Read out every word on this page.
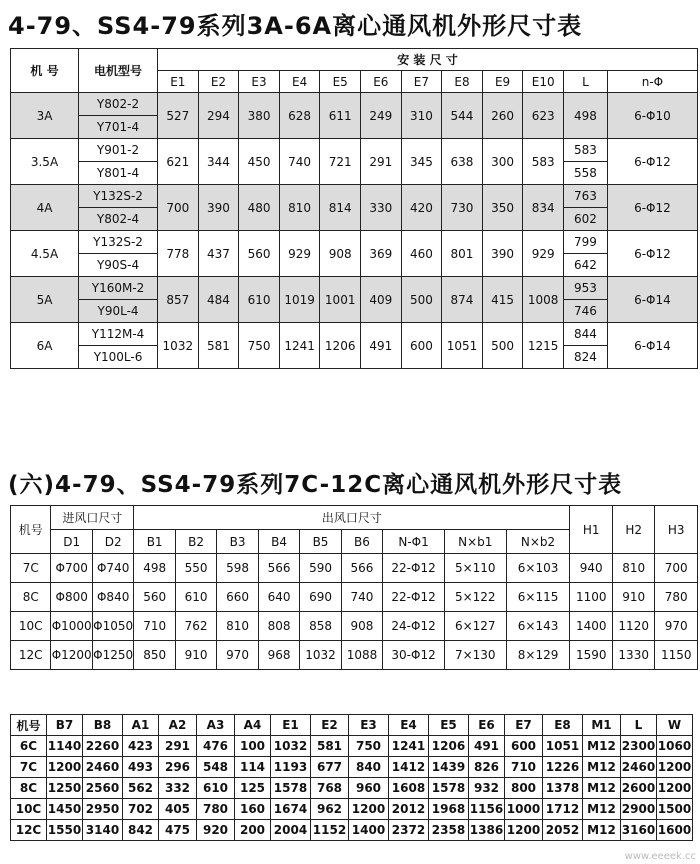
4-79、SS4-79系列3A-6A离心通风机外形尺寸表
机 号	电机型号	安 装 尺 寸											
		E1	E2	E3	E4	E5	E6	E7	E8	E9	E10	L	n-Φ
3A	Y802-2	527	294	380	628	611	249	310	544	260	623	498	6-Φ10
	Y701-4												
3.5A	Y901-2	621	344	450	740	721	291	345	638	300	583	583	6-Φ12
	Y801-4											558	
4A	Y132S-2	700	390	480	810	814	330	420	730	350	834	763	6-Φ12
	Y802-4											602	
4.5A	Y132S-2	778	437	560	929	908	369	460	801	390	929	799	6-Φ12
	Y90S-4											642	
5A	Y160M-2	857	484	610	1019	1001	409	500	874	415	1008	953	6-Φ14
	Y90L-4											746	
6A	Y112M-4	1032	581	750	1241	1206	491	600	1051	500	1215	844	6-Φ14
	Y100L-6											824	
(六)4-79、SS4-79系列7C-12C离心通风机外形尺寸表
机号	进风口尺寸		出风口尺寸									H1	H2	H3
	D1	D2	B1	B2	B3	B4	B5	B6	N-Φ1	N×b1	N×b2			
7C	Φ700	Φ740	498	550	598	566	590	566	22-Φ12	5×110	6×103	940	810	700
8C	Φ800	Φ840	560	610	660	640	690	740	22-Φ12	5×122	6×115	1100	910	780
10C	Φ1000	Φ1050	710	762	810	808	858	908	24-Φ12	6×127	6×143	1400	1120	970
12C	Φ1200	Φ1250	850	910	970	968	1032	1088	30-Φ12	7×130	8×129	1590	1330	1150
机号	B7	B8	A1	A2	A3	A4	E1	E2	E3	E4	E5	E6	E7	E8	M1	L	W
6C	1140	2260	423	291	476	100	1032	581	750	1241	1206	491	600	1051	M12	2300	1060
7C	1200	2460	493	296	548	114	1193	677	840	1412	1439	826	710	1226	M12	2460	1200
8C	1250	2560	562	332	610	125	1578	768	960	1608	1578	932	800	1378	M12	2600	1200
10C	1450	2950	702	405	780	160	1674	962	1200	2012	1968	1156	1000	1712	M12	2900	1500
12C	1550	3140	842	475	920	200	2004	1152	1400	2372	2358	1386	1200	2052	M12	3160	1600
www.eeeek.cc
